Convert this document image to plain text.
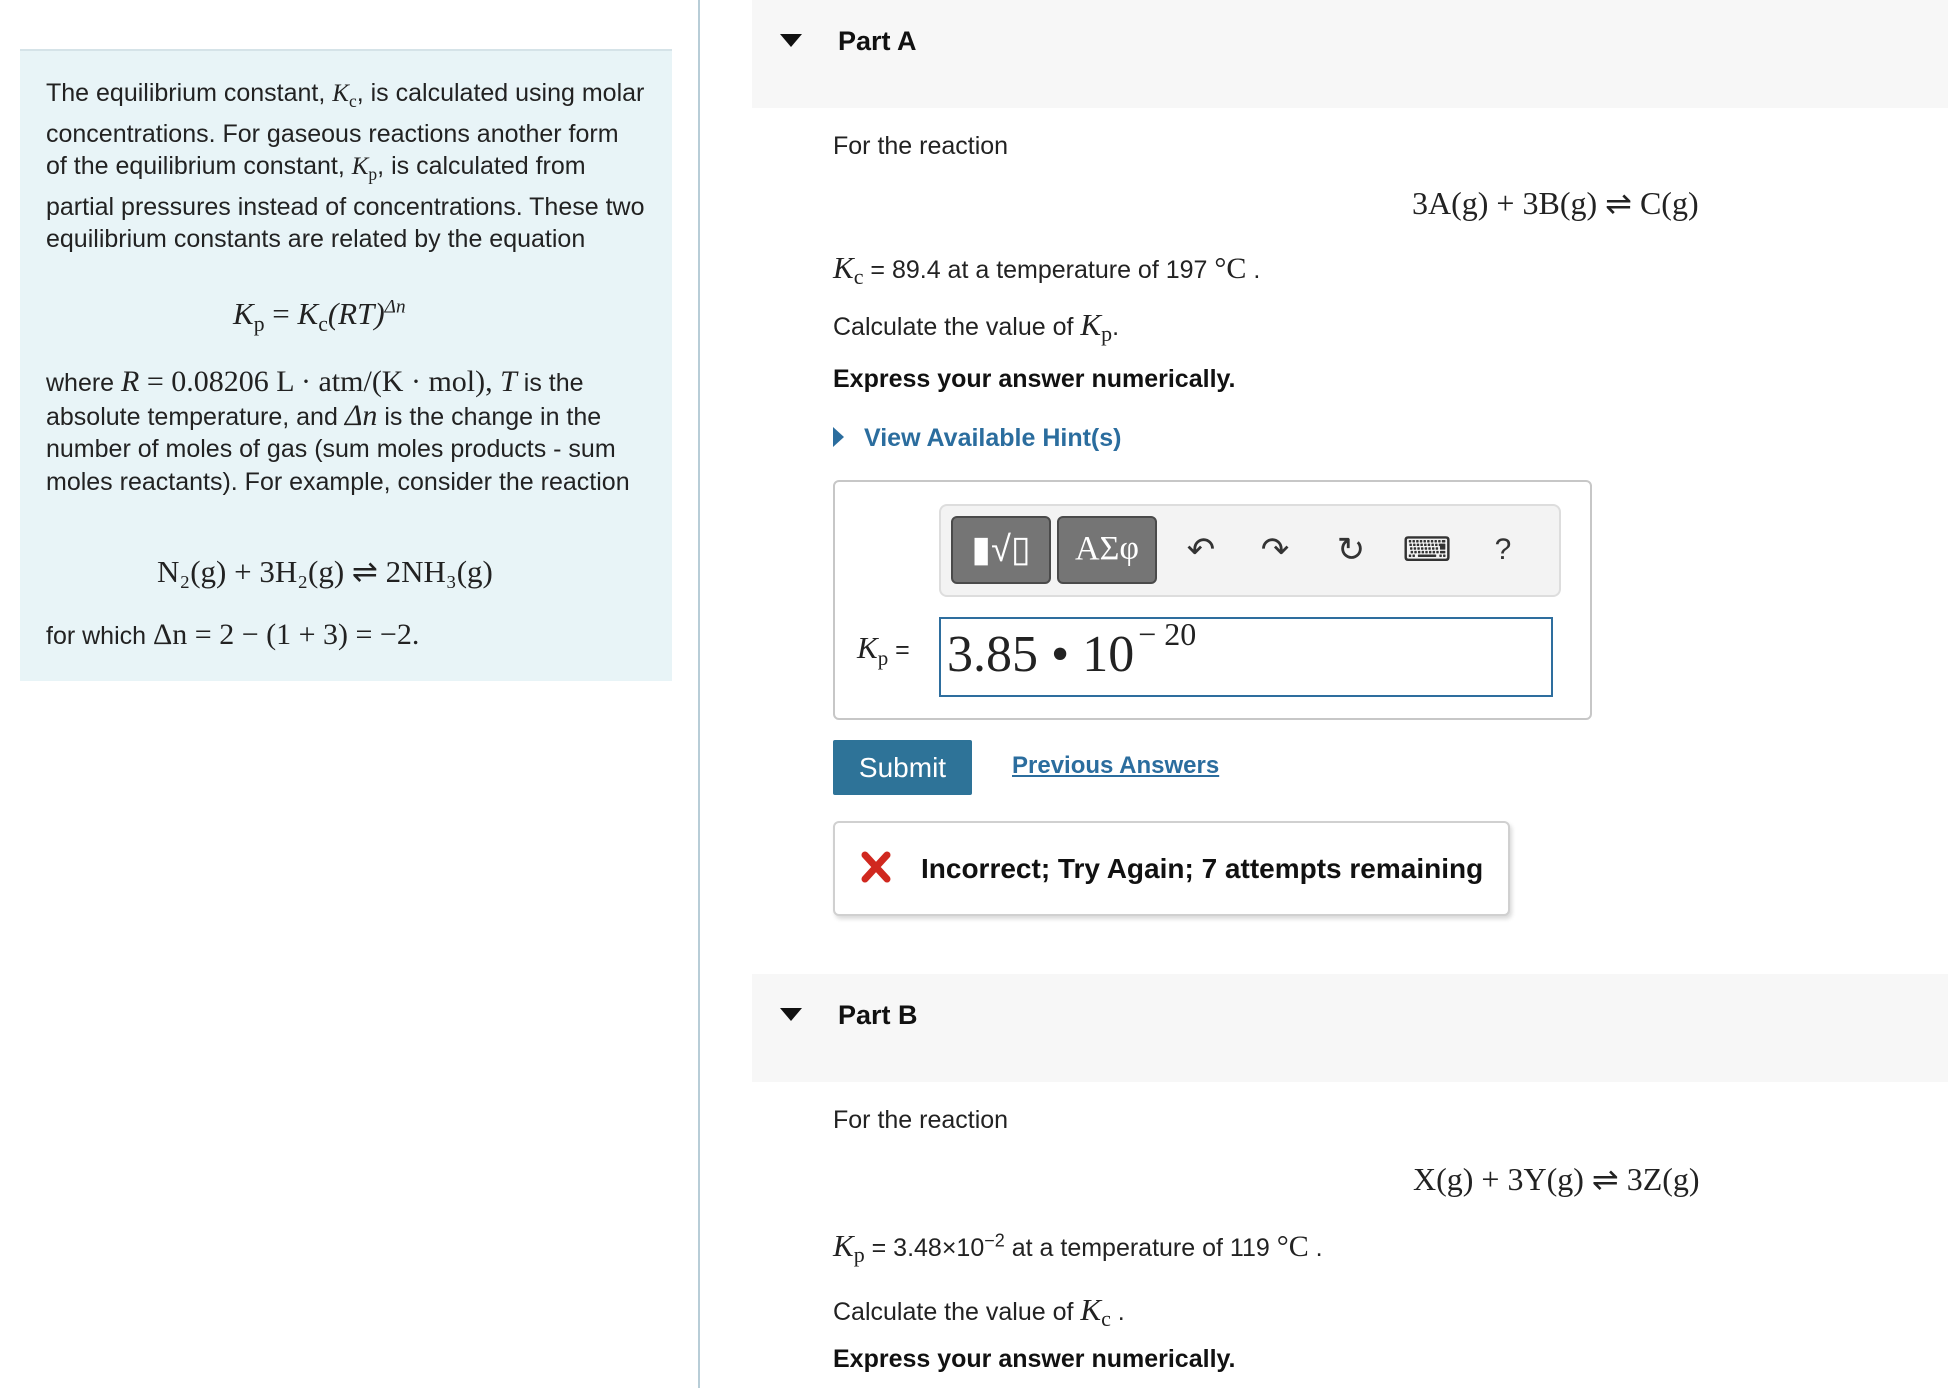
The equilibrium constant, $K_c$, is calculated using molar concentrations. For gaseous reactions another form of the equilibrium constant, $K_p$, is calculated from partial pressures instead of concentrations. These two equilibrium constants are related by the equation

$K_p = K_c(RT)^{\Delta n}$
where R = 0.08206 L · atm/(K · mol), T is the absolute temperature, and Δn is the change in the number of moles of gas (sum moles products - sum moles reactants). For example, consider the reaction
N₂(g) + 3H₂(g) ⇌ 2NH₃(g)
for which Δn = 2 − (1 + 3) = −2.
Part A
For the reaction
3A(g) + 3B(g) ⇌ C(g)
$K_c = 89.4$ at a temperature of 197 °C .
Calculate the value of $K_p$.
Express your answer numerically.
View Available Hint(s)
▮√▯	ΑΣφ	↶	↷	↻	⌨	?
$K_p = 3.85$ • 10 $^{- 20}$
Submit	Previous Answers
Incorrect; Try Again; 7 attempts remaining
Part B
For the reaction
X(g) + 3Y(g) ⇌ 3Z(g)
$K_p = 3.48\times 10^{-2}$ at a temperature of 119 °C .
Calculate the value of $K_c$ .
Express your answer numerically.
